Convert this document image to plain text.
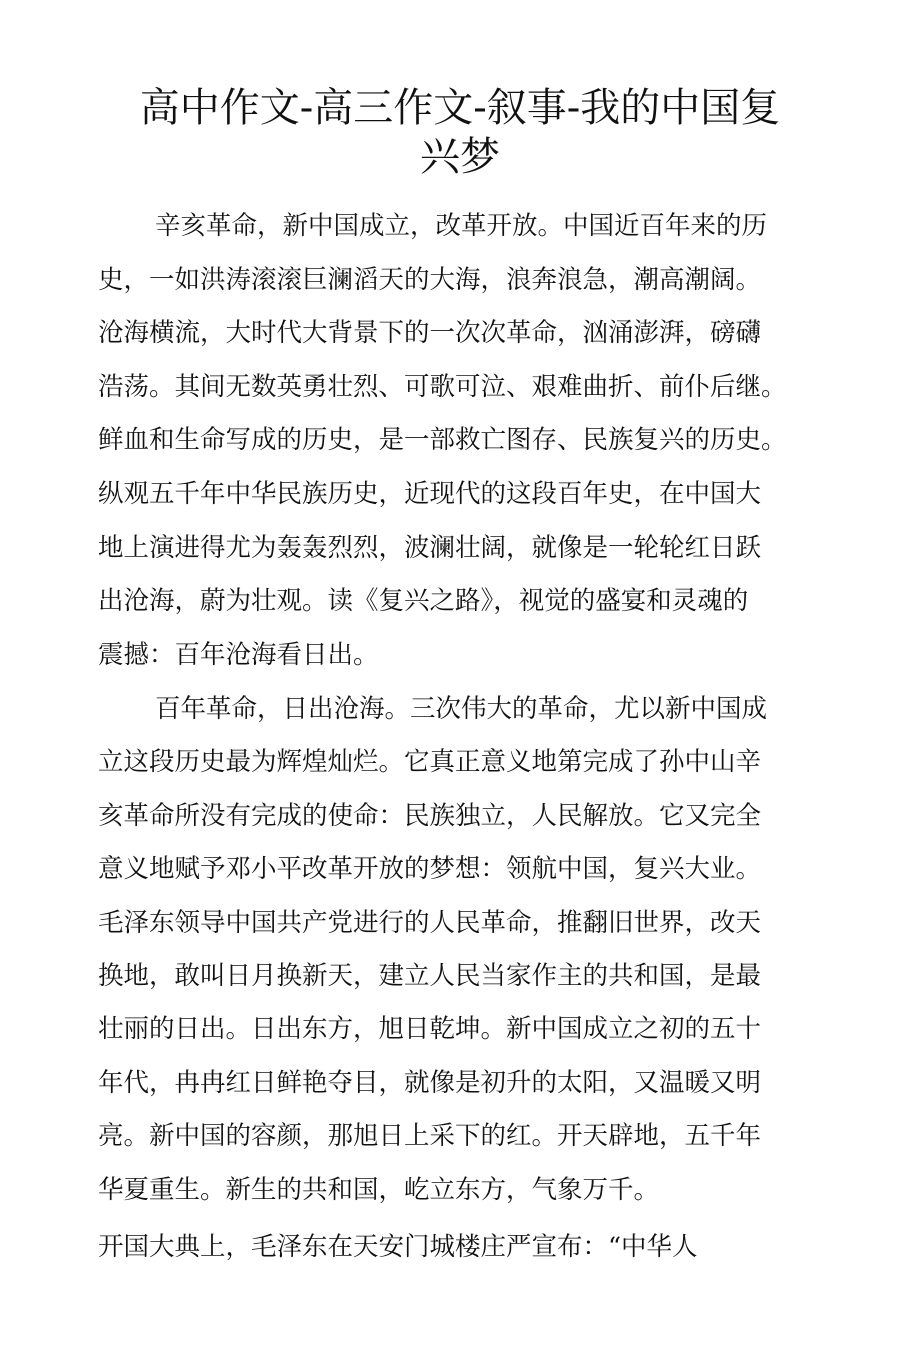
高中作文-高三作文-叙事-我的中国复
兴梦
辛亥革命，新中国成立，改革开放。中国近百年来的历
史，一如洪涛滚滚巨澜滔天的大海，浪奔浪急，潮高潮阔。
沧海横流，大时代大背景下的一次次革命，汹涌澎湃，磅礴
浩荡。其间无数英勇壮烈、可歌可泣、艰难曲折、前仆后继。
鲜血和生命写成的历史，是一部救亡图存、民族复兴的历史。
纵观五千年中华民族历史，近现代的这段百年史，在中国大
地上演进得尤为轰轰烈烈，波澜壮阔，就像是一轮轮红日跃
出沧海，蔚为壮观。读《复兴之路》，视觉的盛宴和灵魂的
震撼：百年沧海看日出。
百年革命，日出沧海。三次伟大的革命，尤以新中国成
立这段历史最为辉煌灿烂。它真正意义地第完成了孙中山辛
亥革命所没有完成的使命：民族独立，人民解放。它又完全
意义地赋予邓小平改革开放的梦想：领航中国，复兴大业。
毛泽东领导中国共产党进行的人民革命，推翻旧世界，改天
换地，敢叫日月换新天，建立人民当家作主的共和国，是最
壮丽的日出。日出东方，旭日乾坤。新中国成立之初的五十
年代，冉冉红日鲜艳夺目，就像是初升的太阳，又温暖又明
亮。新中国的容颜，那旭日上采下的红。开天辟地，五千年
华夏重生。新生的共和国，屹立东方，气象万千。
开国大典上，毛泽东在天安门城楼庄严宣布：“中华人
